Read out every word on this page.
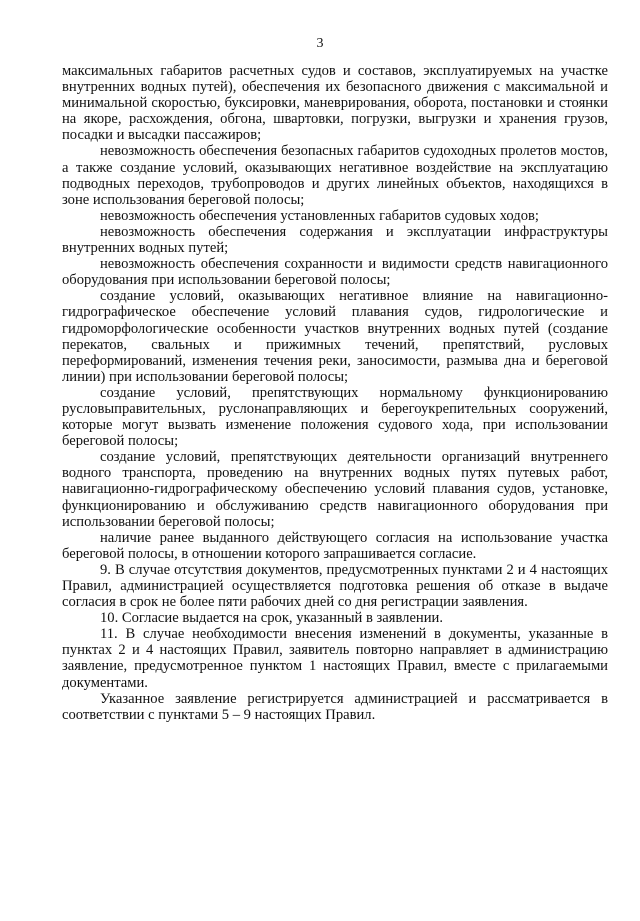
3

максимальных габаритов расчетных судов и составов, эксплуатируемых на участке внутренних водных путей), обеспечения их безопасного движения с максимальной и минимальной скоростью, буксировки, маневрирования, оборота, постановки и стоянки на якоре, расхождения, обгона, швартовки, погрузки, выгрузки и хранения грузов, посадки и высадки пассажиров;

невозможность обеспечения безопасных габаритов судоходных пролетов мостов, а также создание условий, оказывающих негативное воздействие на эксплуатацию подводных переходов, трубопроводов и других линейных объектов, находящихся в зоне использования береговой полосы;

невозможность обеспечения установленных габаритов судовых ходов;

невозможность обеспечения содержания и эксплуатации инфраструктуры внутренних водных путей;

невозможность обеспечения сохранности и видимости средств навигационного оборудования при использовании береговой полосы;

создание условий, оказывающих негативное влияние на навигационно-гидрографическое обеспечение условий плавания судов, гидрологические и гидроморфологические особенности участков внутренних водных путей (создание перекатов, свальных и прижимных течений, препятствий, русловых переформирований, изменения течения реки, заносимости, размыва дна и береговой линии) при использовании береговой полосы;

создание условий, препятствующих нормальному функционированию русловыправительных, руслонаправляющих и берегоукрепительных сооружений, которые могут вызвать изменение положения судового хода, при использовании береговой полосы;

создание условий, препятствующих деятельности организаций внутреннего водного транспорта, проведению на внутренних водных путях путевых работ, навигационно-гидрографическому обеспечению условий плавания судов, установке, функционированию и обслуживанию средств навигационного оборудования при использовании береговой полосы;

наличие ранее выданного действующего согласия на использование участка береговой полосы, в отношении которого запрашивается согласие.

9. В случае отсутствия документов, предусмотренных пунктами 2 и 4 настоящих Правил, администрацией осуществляется подготовка решения об отказе в выдаче согласия в срок не более пяти рабочих дней со дня регистрации заявления.

10. Согласие выдается на срок, указанный в заявлении.

11. В случае необходимости внесения изменений в документы, указанные в пунктах 2 и 4 настоящих Правил, заявитель повторно направляет в администрацию заявление, предусмотренное пунктом 1 настоящих Правил, вместе с прилагаемыми документами.

Указанное заявление регистрируется администрацией и рассматривается в соответствии с пунктами 5 – 9 настоящих Правил.
